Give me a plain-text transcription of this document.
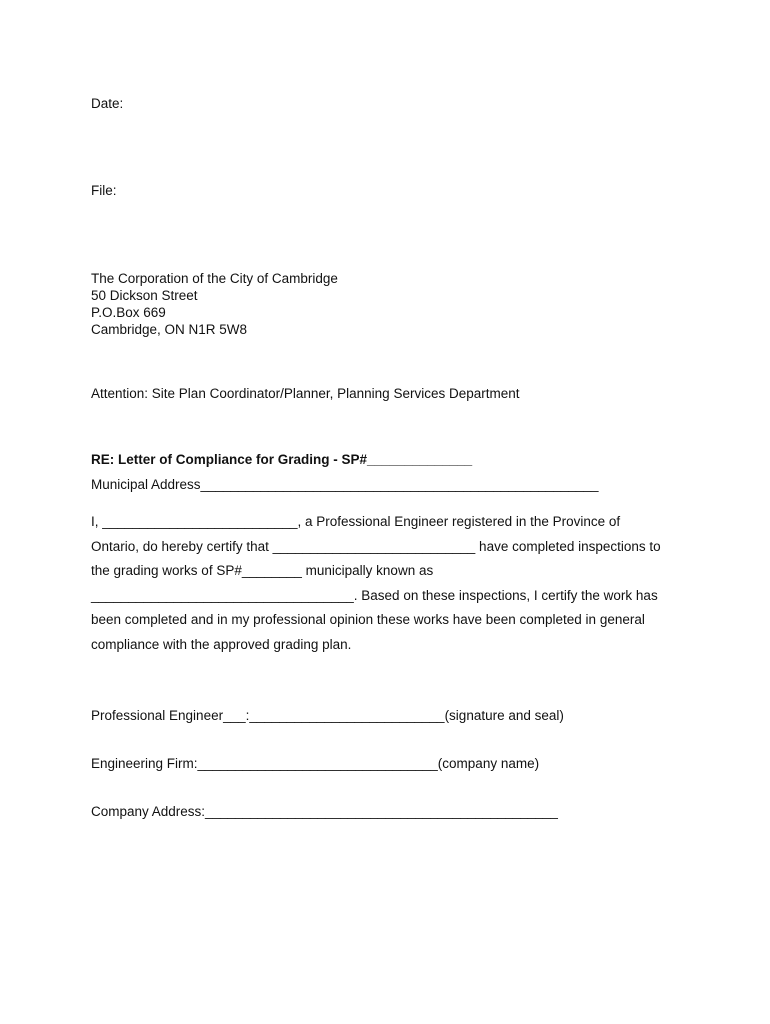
Date:

File:

The Corporation of the City of Cambridge

50 Dickson Street

P.O.Box 669

Cambridge, ON N1R 5W8

Attention: Site Plan Coordinator/Planner, Planning Services Department

RE: Letter of Compliance for Grading - SP#______________

Municipal Address_____________________________________________________

I, __________________________, a Professional Engineer registered in the Province of

Ontario, do hereby certify that ___________________________ have completed inspections to

the grading works of SP#________ municipally known as

___________________________________. Based on these inspections, I certify the work has

been completed and in my professional opinion these works have been completed in general

compliance with the approved grading plan.

Professional Engineer___:__________________________(signature and seal)

Engineering Firm:________________________________(company name)

Company Address:_______________________________________________
